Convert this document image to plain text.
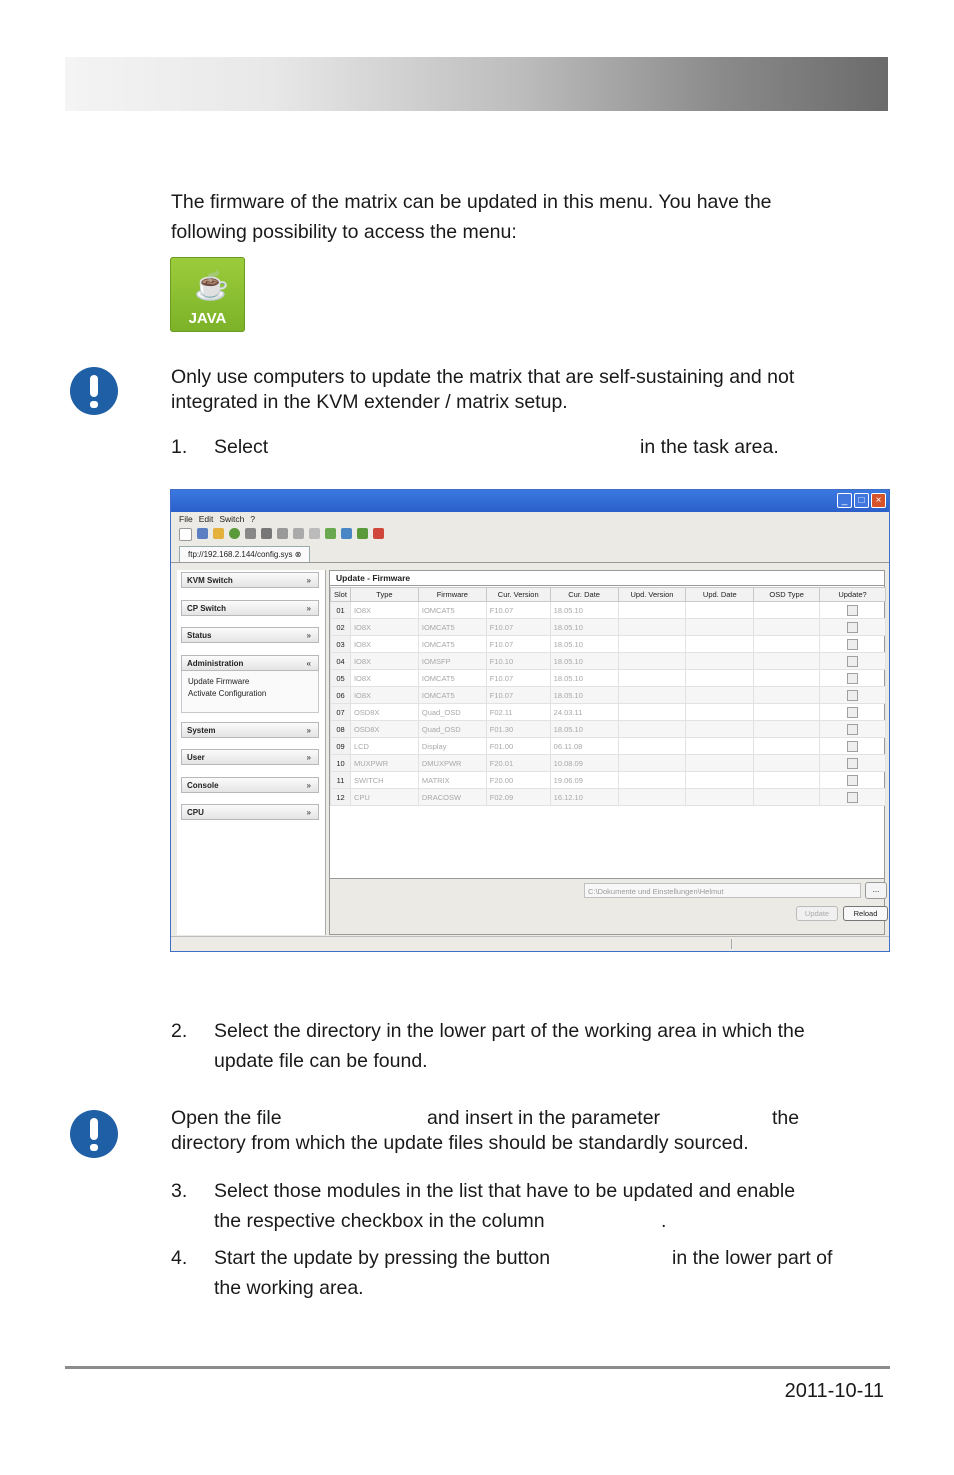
The firmware of the matrix can be updated in this menu. You have the
following possibility to access the menu:
☕
JAVA
Only use computers to update the matrix that are self-sustaining and not
integrated in the KVM extender / matrix setup.
1. Select	in the task area.
_	□	×
File Edit Switch ?
ftp://192.168.2.144/config.sys ⊗
KVM Switch	»
CP Switch	»
Status	»
Administration	«
Update Firmware
Activate Configuration
System	»
User	»
Console	»
CPU	»
Update - Firmware
Slot	Type	Firmware	Cur. Version	Cur. Date	Upd. Version	Upd. Date	OSD Type	Update?
01	IO8X	IOMCAT5	F10.07	18.05.10				

02	IO8X	IOMCAT5	F10.07	18.05.10				

03	IO8X	IOMCAT5	F10.07	18.05.10				

04	IO8X	IOMSFP	F10.10	18.05.10				

05	IO8X	IOMCAT5	F10.07	18.05.10				

06	IO8X	IOMCAT5	F10.07	18.05.10				

07	OSD8X	Quad_OSD	F02.11	24.03.11				

08	OSD8X	Quad_OSD	F01.30	18.05.10				

09	LCD	Display	F01.00	06.11.08				

10	MUXPWR	DMUXPWR	F20.01	10.08.09				

11	SWITCH	MATRIX	F20.00	19.06.09				

12	CPU	DRACOSW	F02.09	16.12.10				
C:\Dokumente und Einstellungen\Helmut	...
Update	Reload
2. Select the directory in the lower part of the working area in which the
update file can be found.
Open the file	and insert in the parameter	the
directory from which the update files should be standardly sourced.
3. Select those modules in the list that have to be updated and enable
the respective checkbox in the column	.
4. Start the update by pressing the button	in the lower part of
the working area.
2011-10-11
